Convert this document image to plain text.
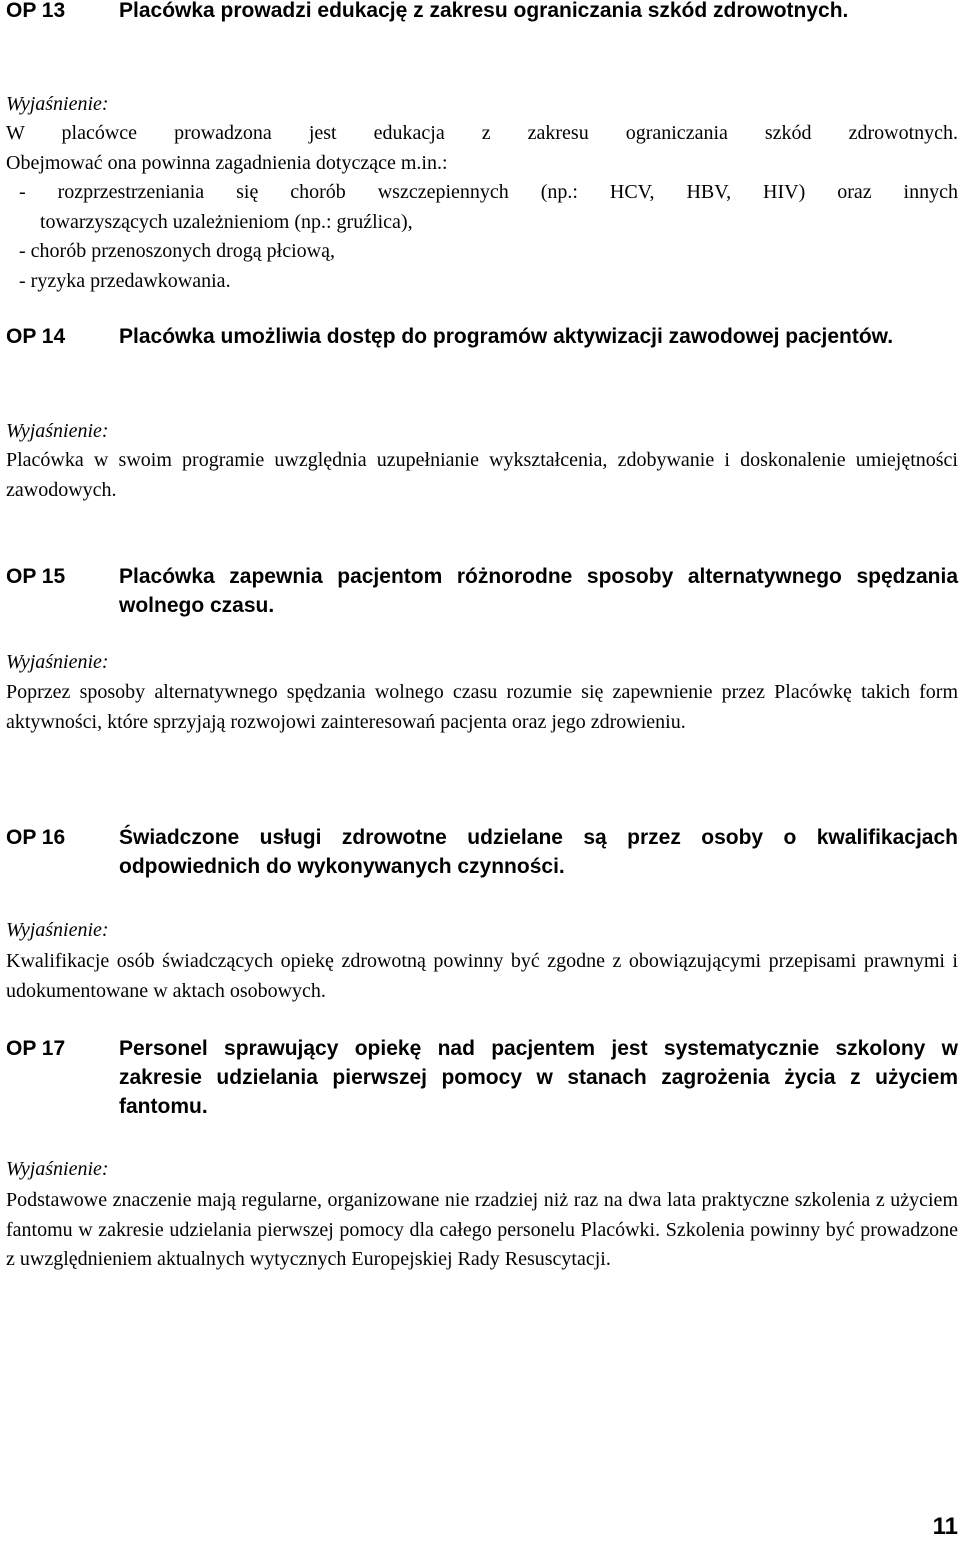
OP 13	Placówka prowadzi edukację z zakresu ograniczania szkód zdrowotnych.
Wyjaśnienie:
W placówce prowadzona jest edukacja z zakresu ograniczania szkód zdrowotnych.
Obejmować ona powinna zagadnienia dotyczące m.in.:
- rozprzestrzeniania się chorób wszczepiennych (np.: HCV, HBV, HIV) oraz innych
towarzyszących uzależnieniom (np.: gruźlica),
- chorób przenoszonych drogą płciową,
- ryzyka przedawkowania.
OP 14	Placówka umożliwia dostęp do programów aktywizacji zawodowej pacjentów.
Wyjaśnienie:
Placówka w swoim programie uwzględnia uzupełnianie wykształcenia, zdobywanie i doskonalenie umiejętności zawodowych.
OP 15	Placówka zapewnia pacjentom różnorodne sposoby alternatywnego spędzania wolnego czasu.
Wyjaśnienie:
Poprzez sposoby alternatywnego spędzania wolnego czasu rozumie się zapewnienie przez Placówkę takich form aktywności, które sprzyjają rozwojowi zainteresowań pacjenta oraz jego zdrowieniu.
OP 16	Świadczone usługi zdrowotne udzielane są przez osoby o kwalifikacjach odpowiednich do wykonywanych czynności.
Wyjaśnienie:
Kwalifikacje osób świadczących opiekę zdrowotną powinny być zgodne z obowiązującymi przepisami prawnymi i udokumentowane w aktach osobowych.
OP 17	Personel sprawujący opiekę nad pacjentem jest systematycznie szkolony w zakresie udzielania pierwszej pomocy w stanach zagrożenia życia z użyciem fantomu.
Wyjaśnienie:
Podstawowe znaczenie mają regularne, organizowane nie rzadziej niż raz na dwa lata praktyczne szkolenia z użyciem fantomu w zakresie udzielania pierwszej pomocy dla całego personelu Placówki. Szkolenia powinny być prowadzone z uwzględnieniem aktualnych wytycznych Europejskiej Rady Resuscytacji.
11
